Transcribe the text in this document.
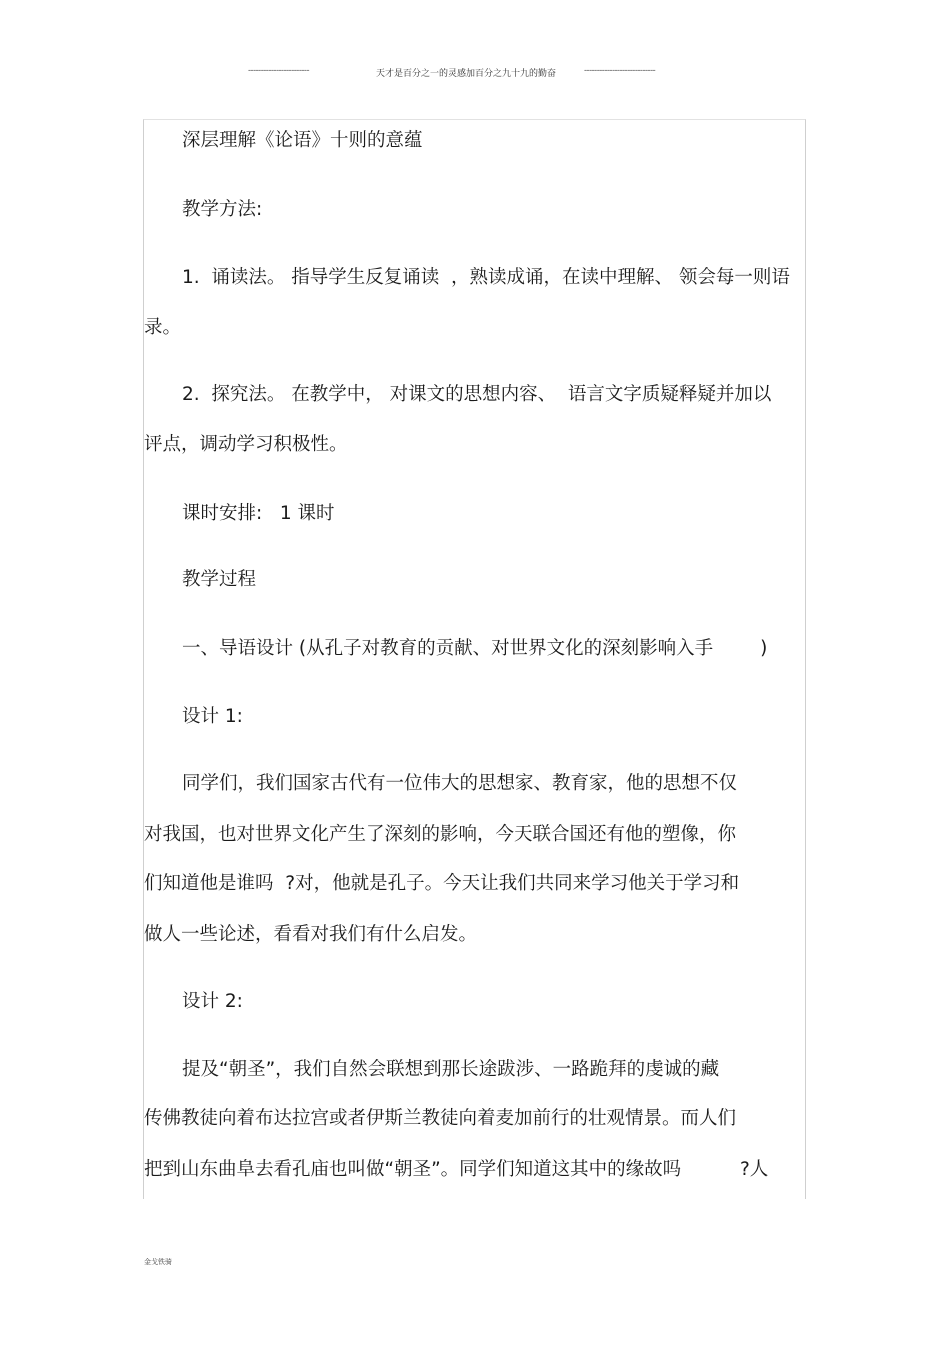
------------------------	天才是百分之一的灵感加百分之九十九的勤奋	----------------------------
深层理解《论语》十则的意蕴
教学方法:
1.  诵读法。 指导学生反复诵读  ，熟读成诵，在读中理解、 领会每一则语
录。
2.  探究法。 在教学中， 对课文的思想内容、  语言文字质疑释疑并加以
评点，调动学习积极性。
课时安排:   1 课时
教学过程
一、导语设计 (从孔子对教育的贡献、对世界文化的深刻影响入手        )
设计 1:
同学们，我们国家古代有一位伟大的思想家、教育家，他的思想不仅
对我国，也对世界文化产生了深刻的影响，今天联合国还有他的塑像，你
们知道他是谁吗  ?对，他就是孔子。今天让我们共同来学习他关于学习和
做人一些论述，看看对我们有什么启发。
设计 2:
提及“朝圣”，我们自然会联想到那长途跋涉、一路跪拜的虔诚的藏
传佛教徒向着布达拉宫或者伊斯兰教徒向着麦加前行的壮观情景。而人们
把到山东曲阜去看孔庙也叫做“朝圣”。同学们知道这其中的缘故吗          ?人
金戈铁骑
